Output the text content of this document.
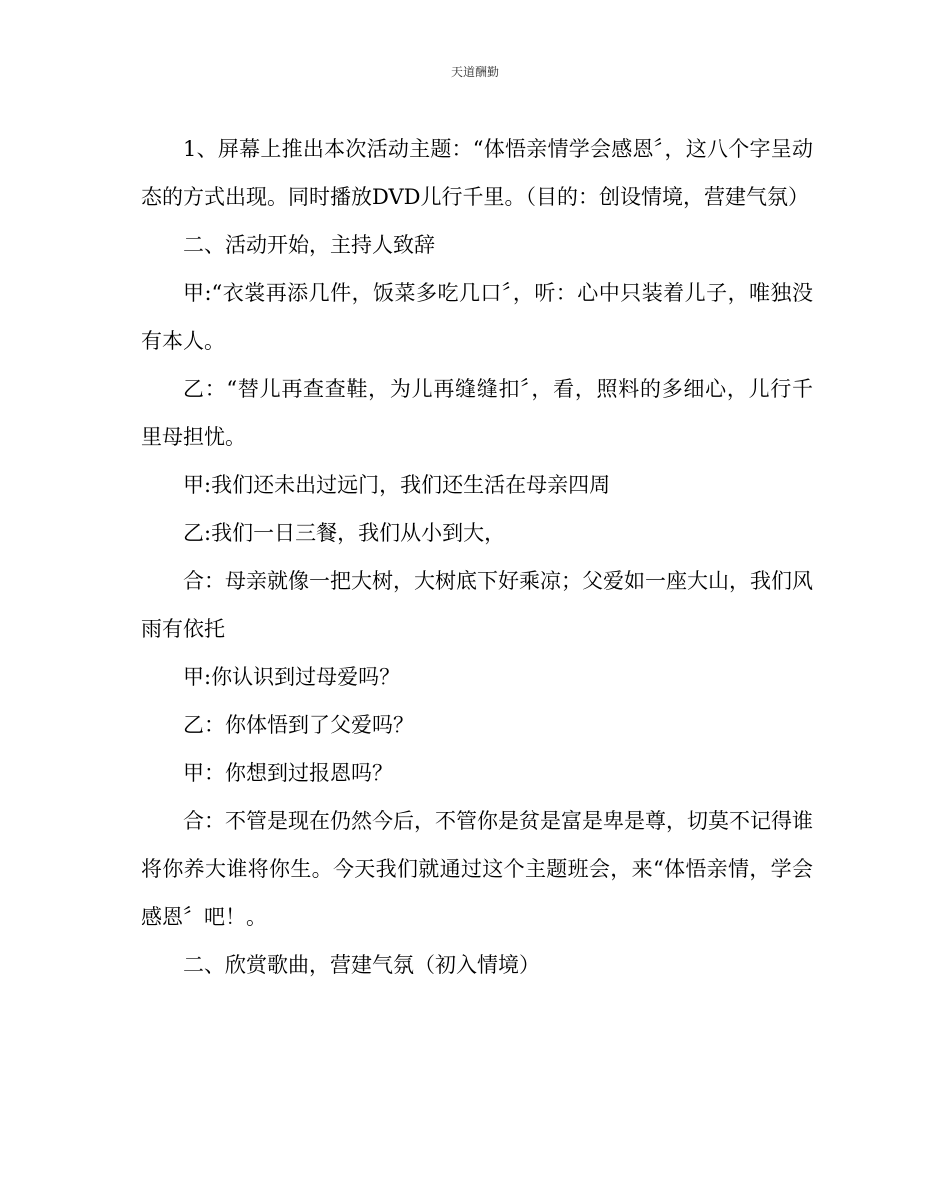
天道酬勤

1、屏幕上推出本次活动主题：“体悟亲情学会感恩〞，这八个字呈动态的方式出现。同时播放DVD儿行千里。（目的：创设情境，营建气氛）

二、活动开始，主持人致辞

甲:“衣裳再添几件，饭菜多吃几口〞，听：心中只装着儿子，唯独没有本人。

乙：“替儿再查查鞋，为儿再缝缝扣〞，看，照料的多细心，儿行千里母担忧。

甲:我们还未出过远门，我们还生活在母亲四周

乙:我们一日三餐，我们从小到大，

合：母亲就像一把大树，大树底下好乘凉；父爱如一座大山，我们风雨有依托

甲:你认识到过母爱吗？

乙：你体悟到了父爱吗？

甲：你想到过报恩吗？

合：不管是现在仍然今后，不管你是贫是富是卑是尊，切莫不记得谁将你养大谁将你生。今天我们就通过这个主题班会，来“体悟亲情，学会感恩〞吧！。

二、欣赏歌曲，营建气氛（初入情境）
